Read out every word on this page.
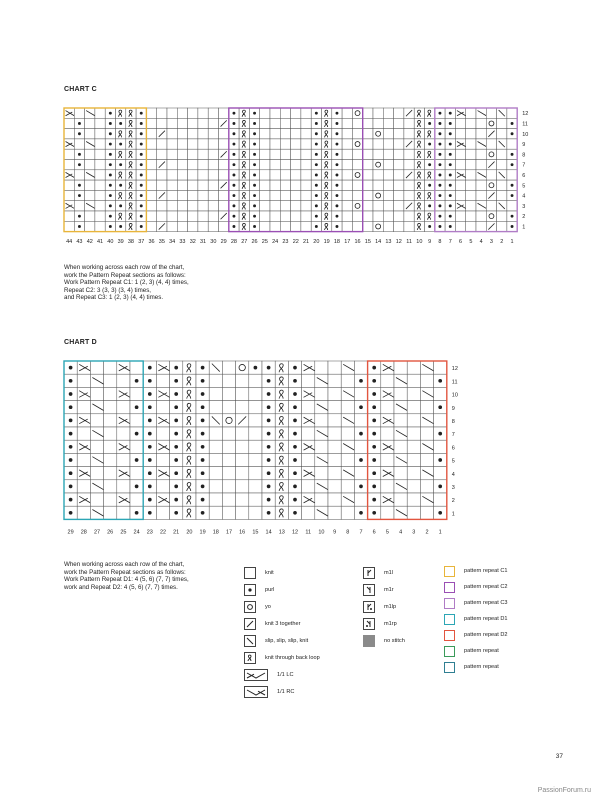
CHART C
44 43 42 41 40 39 38 37 36 35 34 33 32 31 30 29 28 27 26 25 24 23 22 21 20 19 18 17 16 15 14 13 12 11 10 9 8 7 6 5 4 3 2 1
12
11
10
9
8
7
6
5
4
3
2
1
When working across each row of the chart,
work the Pattern Repeat sections as follows:
Work Pattern Repeat C1: 1 (2, 3) (4, 4) times,
Repeat C2: 3 (3, 3) (3, 4) times,
and Repeat C3: 1 (2, 3) (4, 4) times.
CHART D
29 28 27 26 25 24 23 22 21 20 19 18 17 16 15 14 13 12 11 10 9 8 7 6 5 4 3 2 1
12
11
10
9
8
7
6
5
4
3
2
1
When working across each row of the chart,
work the Pattern Repeat sections as follows:
Work Pattern Repeat D1: 4 (5, 6) (7, 7) times,
work and Repeat D2: 4 (5, 6) (7, 7) times.
knit
purl
yo
knit 3 together
slip, slip, slip, knit
knit through back loop
1/1 LC
1/1 RC
m1l
m1r
m1lp
m1rp
no stitch
pattern repeat C1
pattern repeat C2
pattern repeat C3
pattern repeat D1
pattern repeat D2
pattern repeat
pattern repeat
37
PassionForum.ru
